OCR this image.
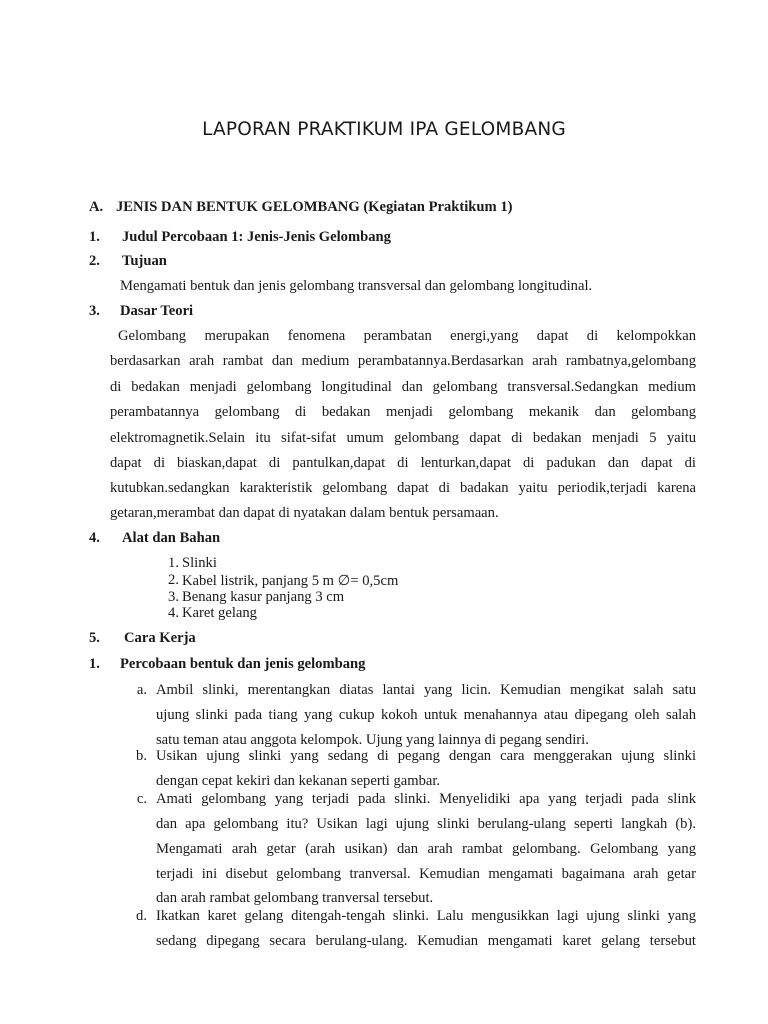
LAPORAN PRAKTIKUM IPA GELOMBANG
A. JENIS DAN BENTUK GELOMBANG (Kegiatan Praktikum 1)
1. Judul Percobaan 1: Jenis-Jenis Gelombang
2. Tujuan
Mengamati bentuk dan jenis gelombang transversal dan gelombang longitudinal.
3. Dasar Teori
Gelombang merupakan fenomena perambatan energi,yang dapat di kelompokkan
berdasarkan arah rambat dan medium perambatannya.Berdasarkan arah rambatnya,gelombang
di bedakan menjadi gelombang longitudinal dan gelombang transversal.Sedangkan medium
perambatannya gelombang di bedakan menjadi gelombang mekanik dan gelombang
elektromagnetik.Selain itu sifat-sifat umum gelombang dapat di bedakan menjadi 5 yaitu
dapat di biaskan,dapat di pantulkan,dapat di lenturkan,dapat di padukan dan dapat di
kutubkan.sedangkan karakteristik gelombang dapat di badakan yaitu periodik,terjadi karena
getaran,merambat dan dapat di nyatakan dalam bentuk persamaan.
4. Alat dan Bahan
1. Slinki
2. Kabel listrik, panjang 5 m ∅= 0,5cm
3. Benang kasur panjang 3 cm
4. Karet gelang
5. Cara Kerja
1. Percobaan bentuk dan jenis gelombang
a. Ambil slinki, merentangkan diatas lantai yang licin. Kemudian mengikat salah satu
ujung slinki pada tiang yang cukup kokoh untuk menahannya atau dipegang oleh salah
satu teman atau anggota kelompok. Ujung yang lainnya di pegang sendiri.
b. Usikan ujung slinki yang sedang di pegang dengan cara menggerakan ujung slinki
dengan cepat kekiri dan kekanan seperti gambar.
c. Amati gelombang yang terjadi pada slinki. Menyelidiki apa yang terjadi pada slink
dan apa gelombang itu? Usikan lagi ujung slinki berulang-ulang seperti langkah (b).
Mengamati arah getar (arah usikan) dan arah rambat gelombang. Gelombang yang
terjadi ini disebut gelombang tranversal. Kemudian mengamati bagaimana arah getar
dan arah rambat gelombang tranversal tersebut.
d. Ikatkan karet gelang ditengah-tengah slinki. Lalu mengusikkan lagi ujung slinki yang
sedang dipegang secara berulang-ulang. Kemudian mengamati karet gelang tersebut
